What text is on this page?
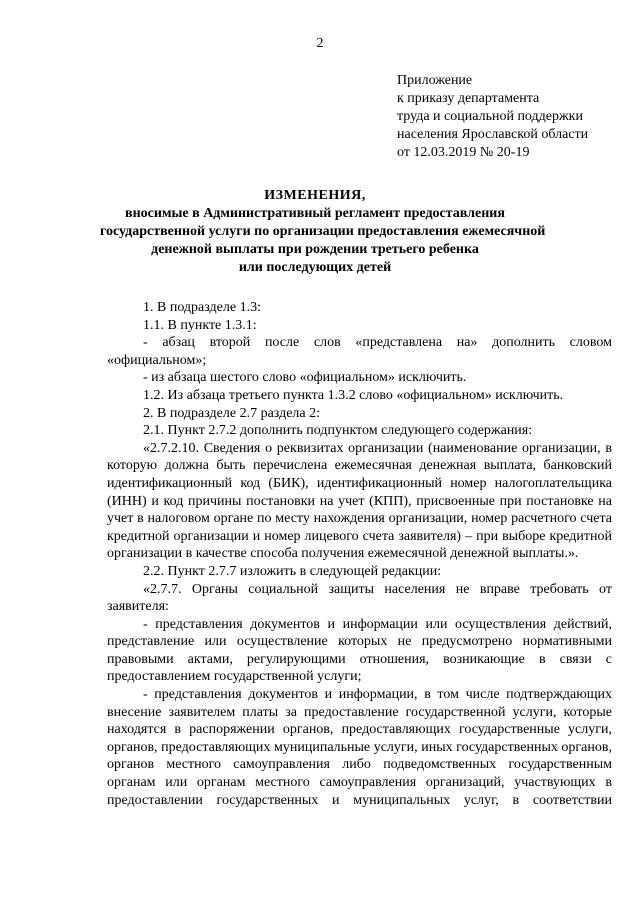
2
Приложение
к приказу департамента
труда и социальной поддержки
населения Ярославской области
от 12.03.2019 № 20-19
ИЗМЕНЕНИЯ,
вносимые в Административный регламент предоставления
государственной услуги по организации предоставления ежемесячной
денежной выплаты при рождении третьего ребенка
или последующих детей

1. В подразделе 1.3:

1.1. В пункте 1.3.1:

- абзац второй после слов «представлена на» дополнить словом «официальном»;

- из абзаца шестого слово «официальном» исключить.

1.2. Из абзаца третьего пункта 1.3.2 слово «официальном» исключить.

2. В подразделе 2.7 раздела 2:

2.1. Пункт 2.7.2 дополнить подпунктом следующего содержания:

«2.7.2.10. Сведения о реквизитах организации (наименование организации, в которую должна быть перечислена ежемесячная денежная выплата, банковский идентификационный код (БИК), идентификационный номер налогоплательщика (ИНН) и код причины постановки на учет (КПП), присвоенные при постановке на учет в налоговом органе по месту нахождения организации, номер расчетного счета кредитной организации и номер лицевого счета заявителя) – при выборе кредитной организации в качестве способа получения ежемесячной денежной выплаты.».

2.2. Пункт 2.7.7 изложить в следующей редакции:

«2.7.7. Органы социальной защиты населения не вправе требовать от заявителя:

- представления документов и информации или осуществления действий, представление или осуществление которых не предусмотрено нормативными правовыми актами, регулирующими отношения, возникающие в связи с предоставлением государственной услуги;

- представления документов и информации, в том числе подтверждающих внесение заявителем платы за предоставление государственной услуги, которые находятся в распоряжении органов, предоставляющих государственные услуги, органов, предоставляющих муниципальные услуги, иных государственных органов, органов местного самоуправления либо подведомственных государственным органам или органам местного самоуправления организаций, участвующих в предоставлении государственных и муниципальных услуг, в соответствии
